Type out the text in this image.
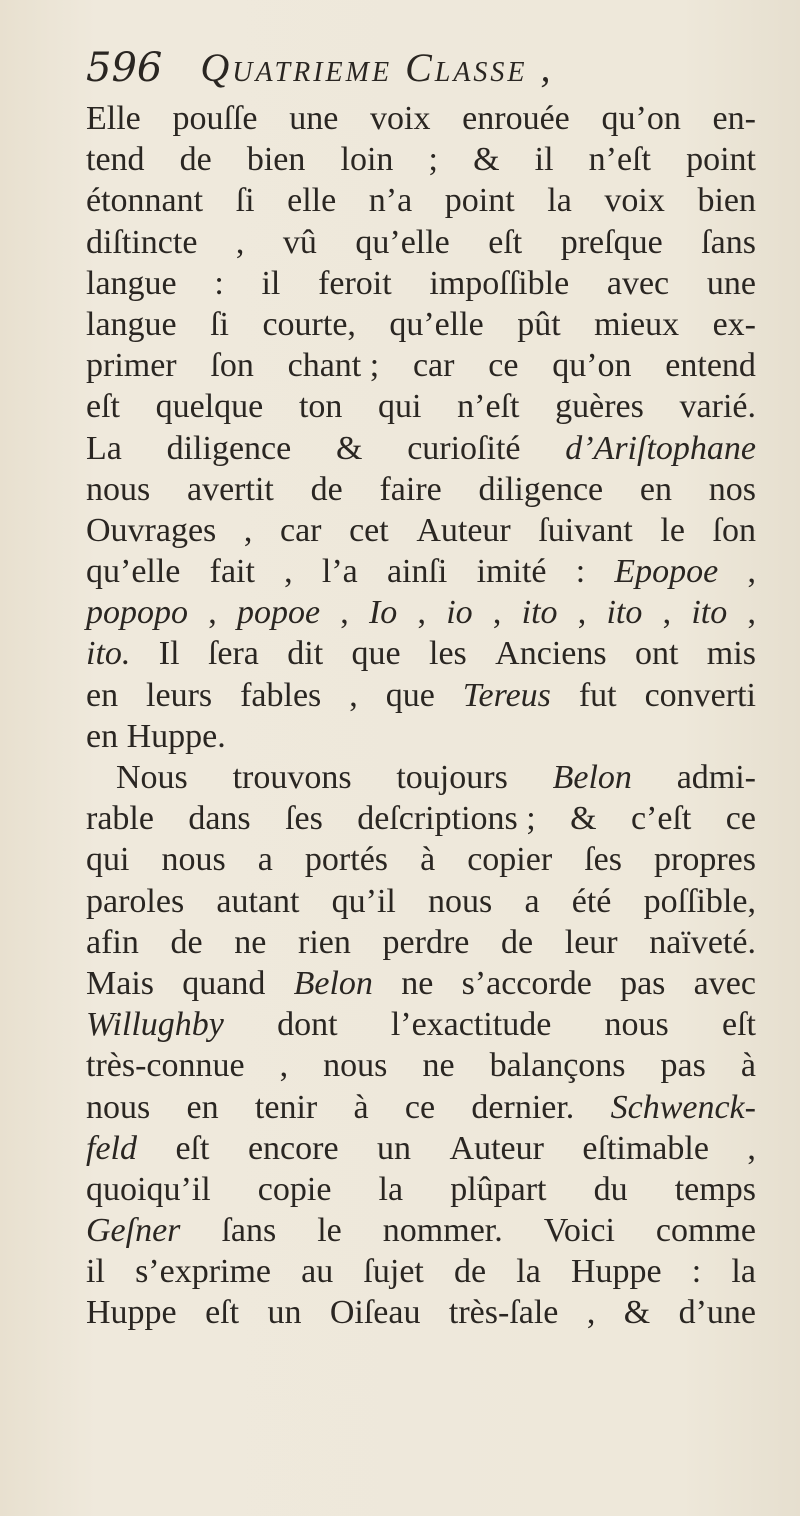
596 Quatrieme Classe ,
Elle pouſſe une voix enrouée qu’on en-
tend de bien loin ; & il n’eſt point
étonnant ſi elle n’a point la voix bien
diſtincte , vû qu’elle eſt preſque ſans
langue : il feroit impoſſible avec une
langue ſi courte, qu’elle pût mieux ex-
primer ſon chant ; car ce qu’on entend
eſt quelque ton qui n’eſt guères varié.
La diligence & curioſité d’Ariſtophane
nous avertit de faire diligence en nos
Ouvrages , car cet Auteur ſuivant le ſon
qu’elle fait , l’a ainſi imité : Epopoe ,
popopo , popoe , Io , io , ito , ito , ito ,
ito. Il ſera dit que les Anciens ont mis
en leurs fables , que Tereus fut converti
en Huppe.
Nous trouvons toujours Belon admi-
rable dans ſes deſcriptions ; & c’eſt ce
qui nous a portés à copier ſes propres
paroles autant qu’il nous a été poſſible,
afin de ne rien perdre de leur naïveté.
Mais quand Belon ne s’accorde pas avec
Willughby dont l’exactitude nous eſt
très-connue , nous ne balançons pas à
nous en tenir à ce dernier. Schwenck-
feld eſt encore un Auteur eſtimable ,
quoiqu’il copie la plûpart du temps
Geſner ſans le nommer. Voici comme
il s’exprime au ſujet de la Huppe : la
Huppe eſt un Oiſeau très-ſale , & d’une
